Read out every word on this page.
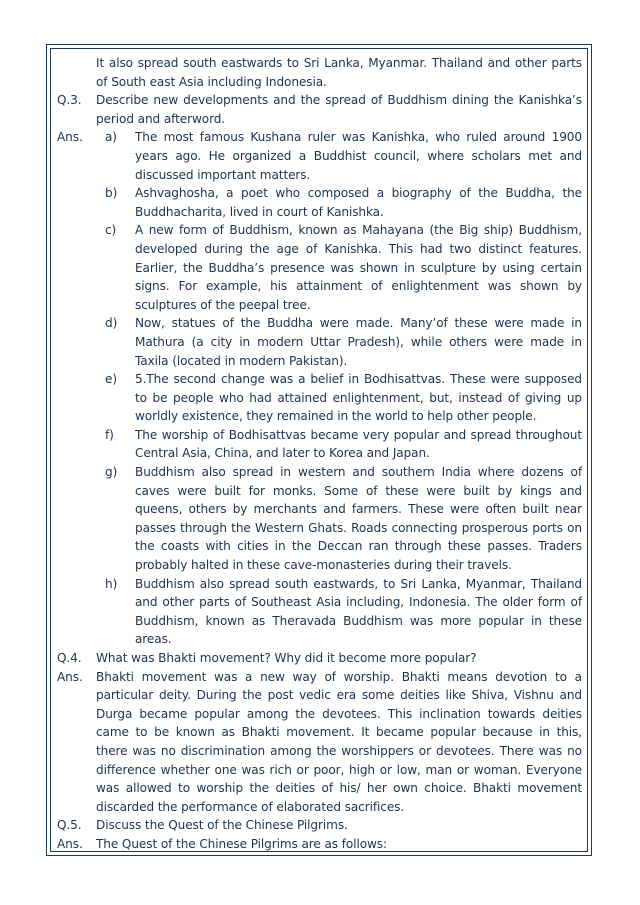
It also spread south eastwards to Sri Lanka, Myanmar. Thailand and other parts of South east Asia including Indonesia.
Q.3.	Describe new developments and the spread of Buddhism dining the Kanishka’s period and afterword.
Ans. a) The most famous Kushana ruler was Kanishka, who ruled around 1900 years ago. He organized a Buddhist council, where scholars met and discussed important matters.
b) Ashvaghosha, a poet who composed a biography of the Buddha, the Buddhacharita, lived in court of Kanishka.
c) A new form of Buddhism, known as Mahayana (the Big ship) Buddhism, developed during the age of Kanishka. This had two distinct features. Earlier, the Buddha’s presence was shown in sculpture by using certain signs. For example, his attainment of enlightenment was shown by sculptures of the peepal tree.
d) Now, statues of the Buddha were made. Many’of these were made in Mathura (a city in modern Uttar Pradesh), while others were made in Taxila (located in modern Pakistan).
e) 5.The second change was a belief in Bodhisattvas. These were supposed to be people who had attained enlightenment, but, instead of giving up worldly existence, they remained in the world to help other people.
f) The worship of Bodhisattvas became very popular and spread throughout Central Asia, China, and later to Korea and Japan.
g) Buddhism also spread in western and southern India where dozens of caves were built for monks. Some of these were built by kings and queens, others by merchants and farmers. These were often built near passes through the Western Ghats. Roads connecting prosperous ports on the coasts with cities in the Deccan ran through these passes. Traders probably halted in these cave-monasteries during their travels.
h) Buddhism also spread south eastwards, to Sri Lanka, Myanmar, Thailand and other parts of Southeast Asia including, Indonesia. The older form of Buddhism, known as Theravada Buddhism was more popular in these areas.
Q.4.	What was Bhakti movement? Why did it become more popular?
Ans.	Bhakti movement was a new way of worship. Bhakti means devotion to a particular deity. During the post vedic era some deities like Shiva, Vishnu and Durga became popular among the devotees. This inclination towards deities came to be known as Bhakti movement. It became popular because in this, there was no discrimination among the worshippers or devotees. There was no difference whether one was rich or poor, high or low, man or woman. Everyone was allowed to worship the deities of his/ her own choice. Bhakti movement discarded the performance of elaborated sacrifices.
Q.5.	Discuss the Quest of the Chinese Pilgrims.
Ans.	The Quest of the Chinese Pilgrims are as follows:
